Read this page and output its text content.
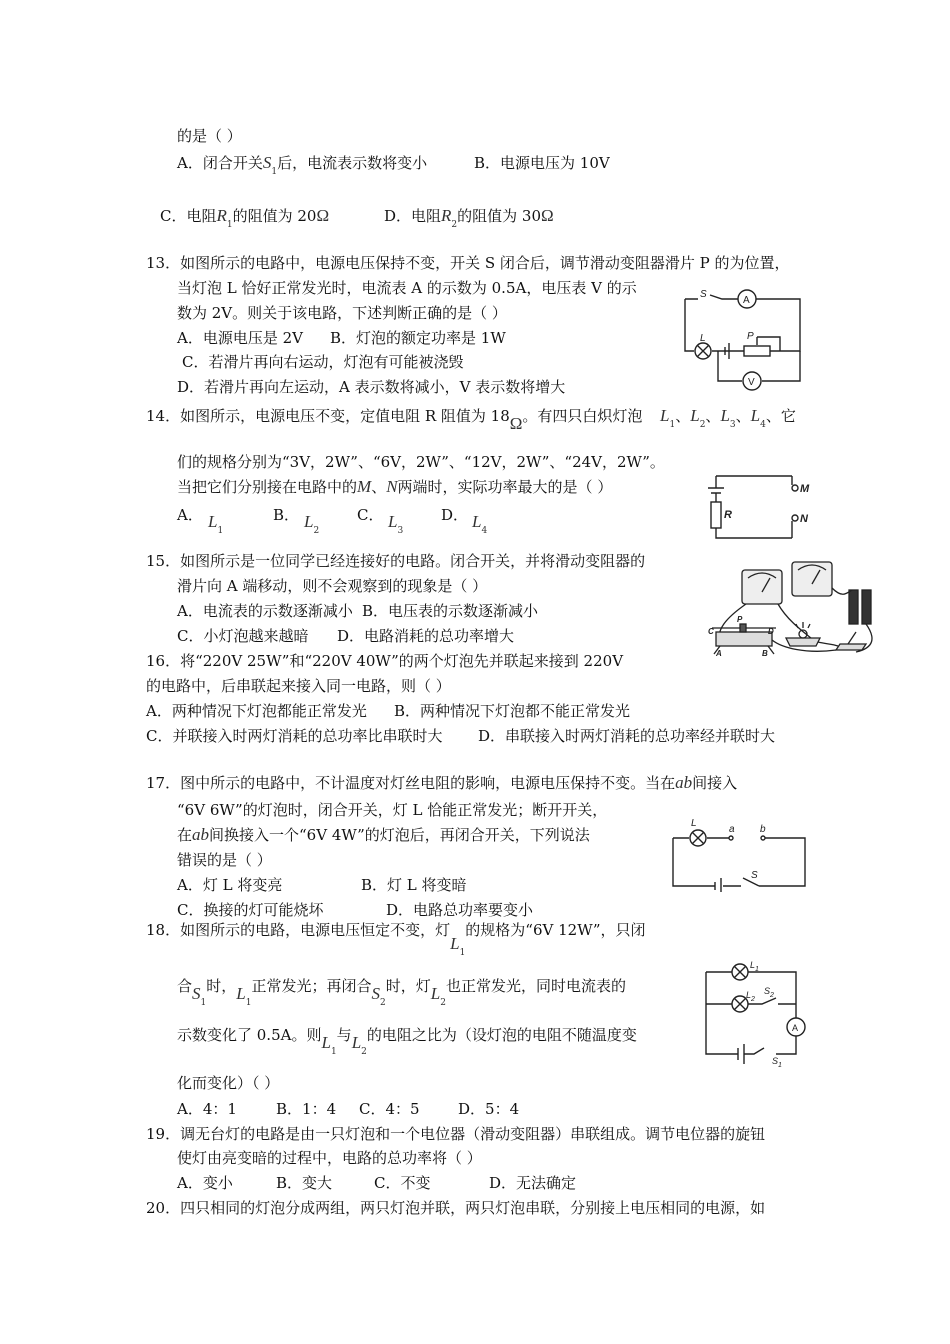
的是（ ）
A．闭合开关$S_1$后，电流表示数将变小	B．电源电压为 10V
C．电阻$R_1$的阻值为 20Ω	D．电阻$R_2$的阻值为 30Ω
13．如图所示的电路中，电源电压保持不变，开关 S 闭合后，调节滑动变阻器滑片 P 的为位置，
当灯泡 L 恰好正常发光时，电流表 A 的示数为 0.5A，电压表 V 的示
数为 2V。则关于该电路，下述判断正确的是（ ）
A．电源电压是 2V B．灯泡的额定功率是 1W
C．若滑片再向右运动，灯泡有可能被浇毁
D．若滑片再向左运动，A 表示数将减小，V 表示数将增大
S
A
L	P
V
14．如图所示，电源电压不变，定值电阻 R 阻值为 18Ω。有四只白炽灯泡 $L_1$、$L_2$、$L_3$、$L_4$、它
们的规格分别为“3V，2W”、“6V，2W”、“12V，2W”、“24V，2W”。
当把它们分别接在电路中的M、N两端时，实际功率最大的是（ ）
A． $L_1$
B． $L_2$
C． $L_3$
D． $L_4$
M
N
R
15．如图所示是一位同学已经连接好的电路。闭合开关，并将滑动变阻器的
滑片向 A 端移动，则不会观察到的现象是（ ）
A．电流表的示数逐渐减小 B．电压表的示数逐渐减小
C．小灯泡越来越暗 D．电路消耗的总功率增大	C
P
D
A	B
16．将“220V 25W”和“220V 40W”的两个灯泡先并联起来接到 220V
的电路中，后串联起来接入同一电路，则（ ）
A．两种情况下灯泡都能正常发光 B．两种情况下灯泡都不能正常发光
C．并联接入时两灯消耗的总功率比串联时大 D．串联接入时两灯消耗的总功率经并联时大
17．图中所示的电路中，不计温度对灯丝电阻的影响，电源电压保持不变。当在ab间接入
“6V 6W”的灯泡时，闭合开关，灯 L 恰能正常发光；断开开关，
在ab间换接入一个“6V 4W”的灯泡后，再闭合开关，下列说法
错误的是（ ）
A．灯 L 将变亮	B．灯 L 将变暗
C．换接的灯可能烧坏	D．电路总功率要变小
L
a	b
S
18．如图所示的电路，电源电压恒定不变，灯$L_1$的规格为“6V 12W”，只闭
合$S_1$时，$L_1$正常发光；再闭合$S_2$时，灯$L_2$也正常发光，同时电流表的
示数变化了 0.5A。则$L_1$与$L_2$的电阻之比为（设灯泡的电阻不随温度变
化而变化）（ ）
A．4：1	B．1：4 C．4：5	D．5：4
$L_1$
$L_2$
$S_2$
A
$S_1$
19．调无台灯的电路是由一只灯泡和一个电位器（滑动变阻器）串联组成。调节电位器的旋钮
使灯由亮变暗的过程中，电路的总功率将（ ）
A．变小	B．变大	C．不变	D．无法确定
20．四只相同的灯泡分成两组，两只灯泡并联，两只灯泡串联，分别接上电压相同的电源，如
